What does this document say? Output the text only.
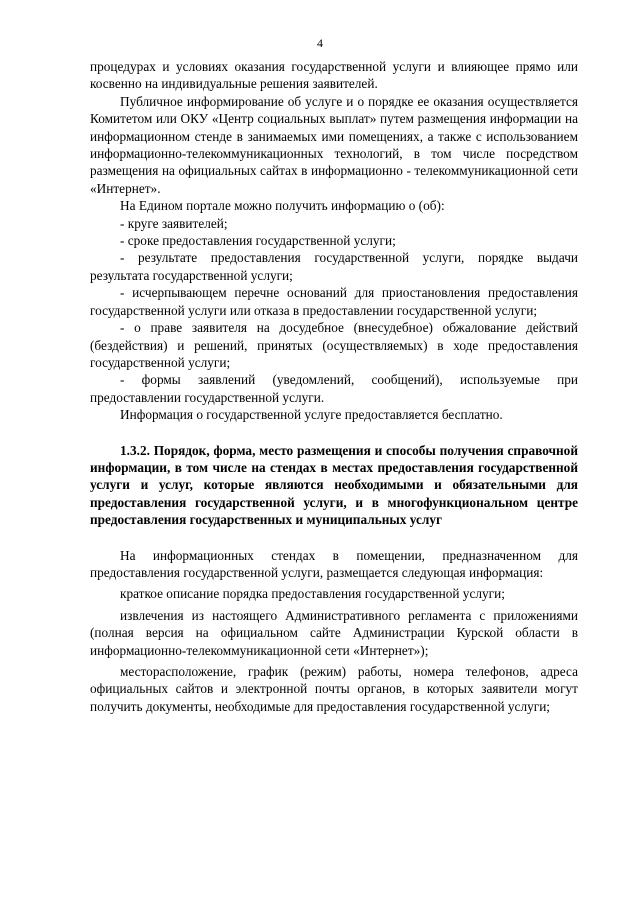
4

процедурах и условиях оказания государственной услуги и влияющее прямо или косвенно на индивидуальные решения заявителей.

Публичное информирование об услуге и о порядке ее оказания осуществляется Комитетом или ОКУ «Центр социальных выплат» путем размещения информации на информационном стенде в занимаемых ими помещениях, а также с использованием информационно-телекоммуникационных технологий, в том числе посредством размещения на официальных сайтах в информационно - телекоммуникационной сети «Интернет».

На Едином портале можно получить информацию о (об):

- круге заявителей;

- сроке предоставления государственной услуги;

- результате предоставления государственной услуги, порядке выдачи результата государственной услуги;

- исчерпывающем перечне оснований для приостановления предоставления государственной услуги или отказа в предоставлении государственной услуги;

- о праве заявителя на досудебное (внесудебное) обжалование действий (бездействия) и решений, принятых (осуществляемых) в ходе предоставления государственной услуги;

- формы заявлений (уведомлений, сообщений), используемые при предоставлении государственной услуги.

Информация о государственной услуге предоставляется бесплатно.

1.3.2. Порядок, форма, место размещения и способы получения справочной информации, в том числе на стендах в местах предоставления государственной услуги и услуг, которые являются необходимыми и обязательными для предоставления государственной услуги, и в многофункциональном центре предоставления государственных и муниципальных услуг

На информационных стендах в помещении, предназначенном для предоставления государственной услуги, размещается следующая информация:

краткое описание порядка предоставления государственной услуги;

извлечения из настоящего Административного регламента с приложениями (полная версия на официальном сайте Администрации Курской области в информационно-телекоммуникационной сети «Интернет»);

месторасположение, график (режим) работы, номера телефонов, адреса официальных сайтов и электронной почты органов, в которых заявители могут получить документы, необходимые для предоставления государственной услуги;
